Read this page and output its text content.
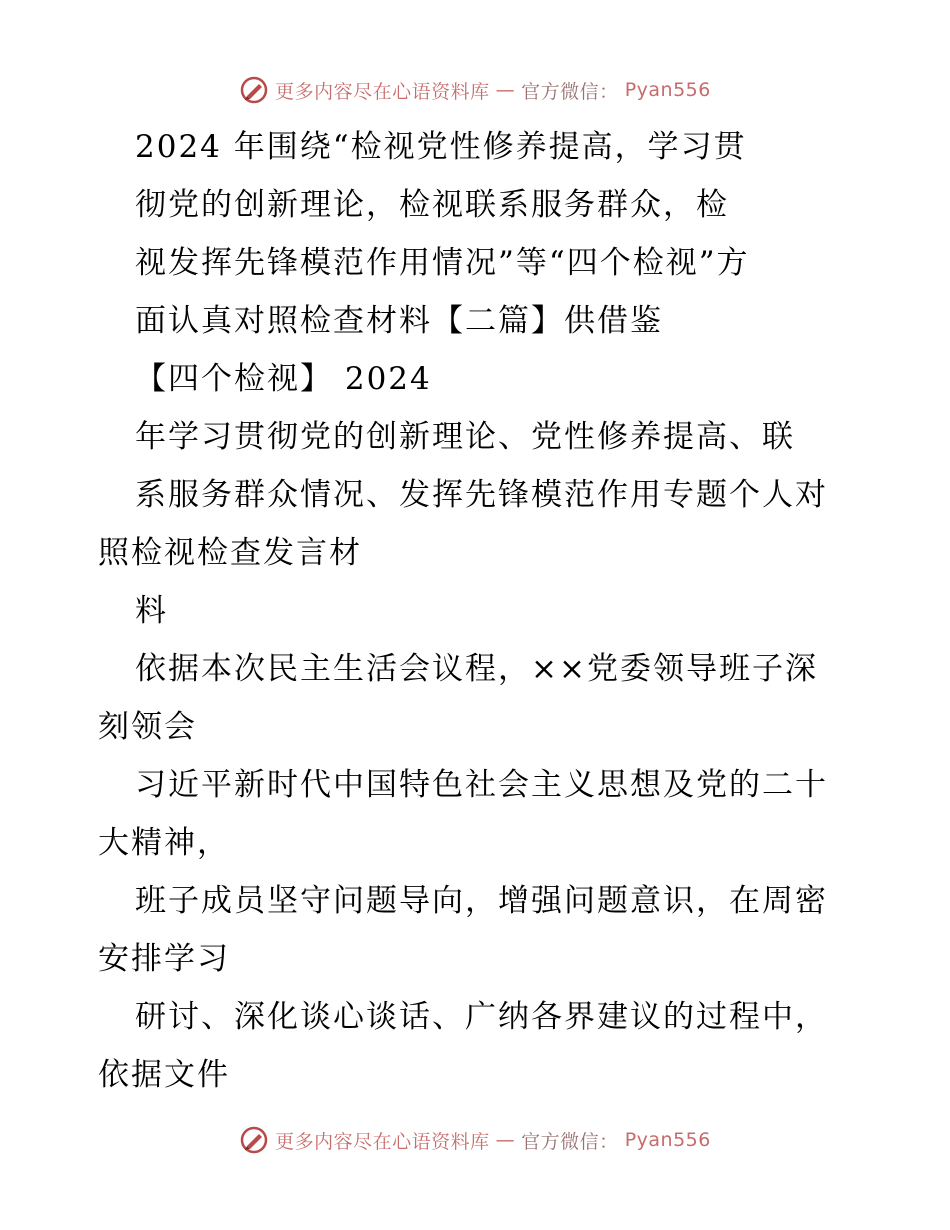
更多内容尽在心语资料库 — 官方微信： Pyan556
2024 年围绕“检视党性修养提高，学习贯
彻党的创新理论，检视联系服务群众，检
视发挥先锋模范作用情况”等“四个检视”方
面认真对照检查材料【二篇】供借鉴
【四个检视】 2024
年学习贯彻党的创新理论、党性修养提高、联
系服务群众情况、发挥先锋模范作用专题个人对
照检视检查发言材
料
依据本次民主生活会议程，××党委领导班子深
刻领会
习近平新时代中国特色社会主义思想及党的二十
大精神，
班子成员坚守问题导向，增强问题意识，在周密
安排学习
研讨、深化谈心谈话、广纳各界建议的过程中，
依据文件
更多内容尽在心语资料库 — 官方微信： Pyan556
